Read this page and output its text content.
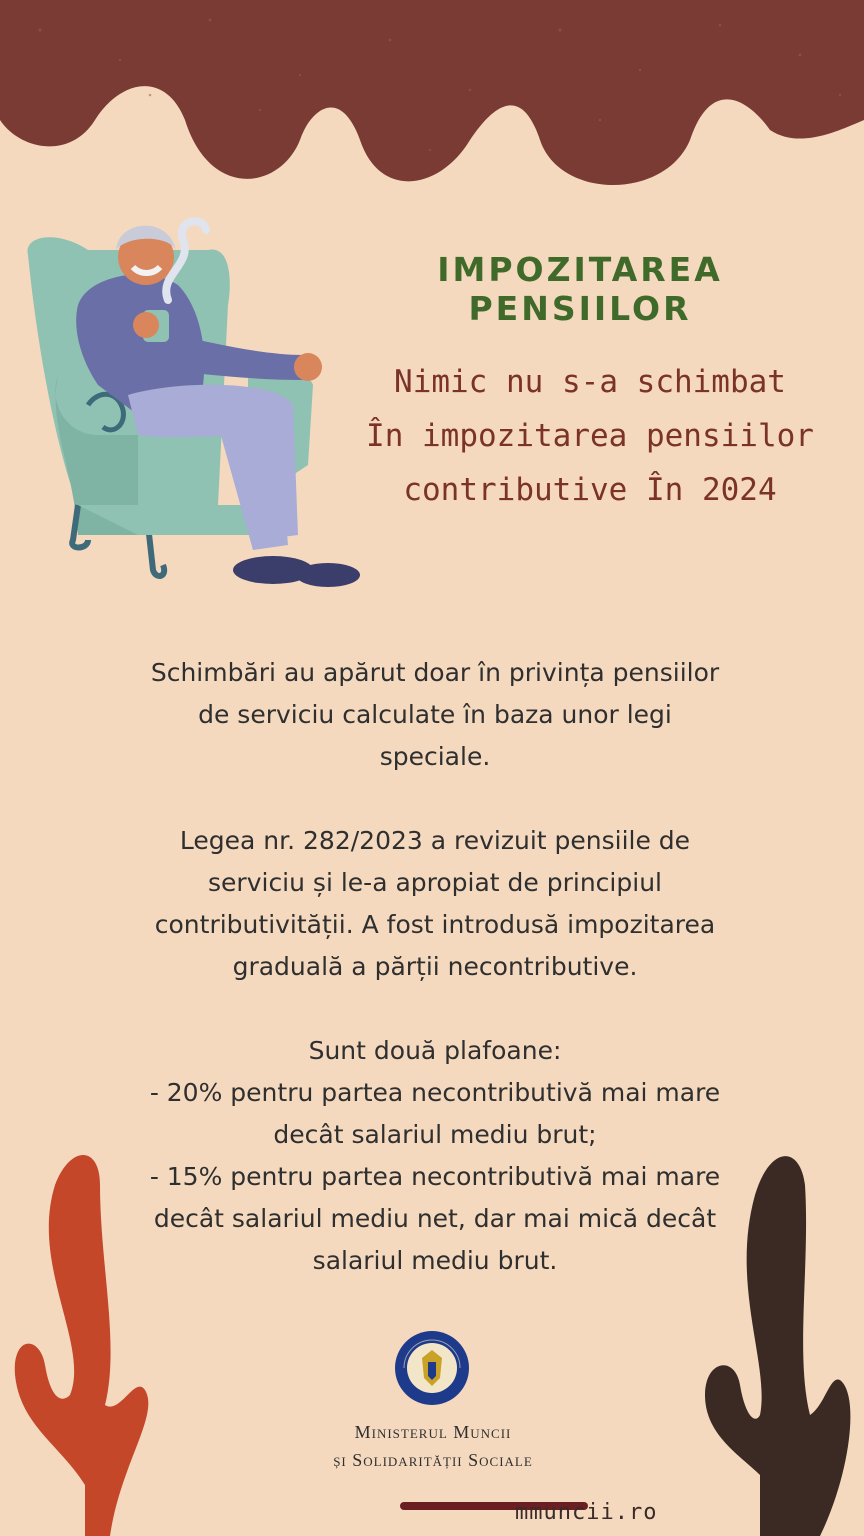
IMPOZITAREA PENSIILOR
Nimic nu s-a schimbat
În impozitarea pensiilor
contributive În 2024

Schimbări au apărut doar în privința pensiilor de serviciu calculate în baza unor legi speciale.

Legea nr. 282/2023 a revizuit pensiile de serviciu și le-a apropiat de principiul contributivității. A fost introdusă impozitarea graduală a părții necontributive.

Sunt două plafoane:

- 20% pentru partea necontributivă mai mare decât salariul mediu brut;

- 15% pentru partea necontributivă mai mare decât salariul mediu net, dar mai mică decât salariul mediu brut.

Ministerul Muncii
și Solidarității Sociale
mmuncii.ro
